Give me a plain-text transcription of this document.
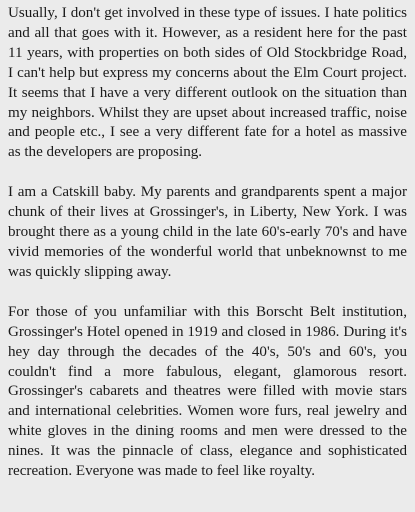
Usually, I don't get involved in these type of issues. I hate politics and all that goes with it. However, as a resident here for the past 11 years, with properties on both sides of Old Stockbridge Road, I can't help but express my concerns about the Elm Court project. It seems that I have a very different outlook on the situation than my neighbors. Whilst they are upset about increased traffic, noise and people etc., I see a very different fate for a hotel as massive as the developers are proposing.

I am a Catskill baby. My parents and grandparents spent a major chunk of their lives at Grossinger's, in Liberty, New York. I was brought there as a young child in the late 60's-early 70's and have vivid memories of the wonderful world that unbeknownst to me was quickly slipping away.

For those of you unfamiliar with this Borscht Belt institution, Grossinger's Hotel opened in 1919 and closed in 1986. During it's hey day through the decades of the 40's, 50's and 60's, you couldn't find a more fabulous, elegant, glamorous resort. Grossinger's cabarets and theatres were filled with movie stars and international celebrities. Women wore furs, real jewelry and white gloves in the dining rooms and men were dressed to the nines. It was the pinnacle of class, elegance and sophisticated recreation. Everyone was made to feel like royalty.
